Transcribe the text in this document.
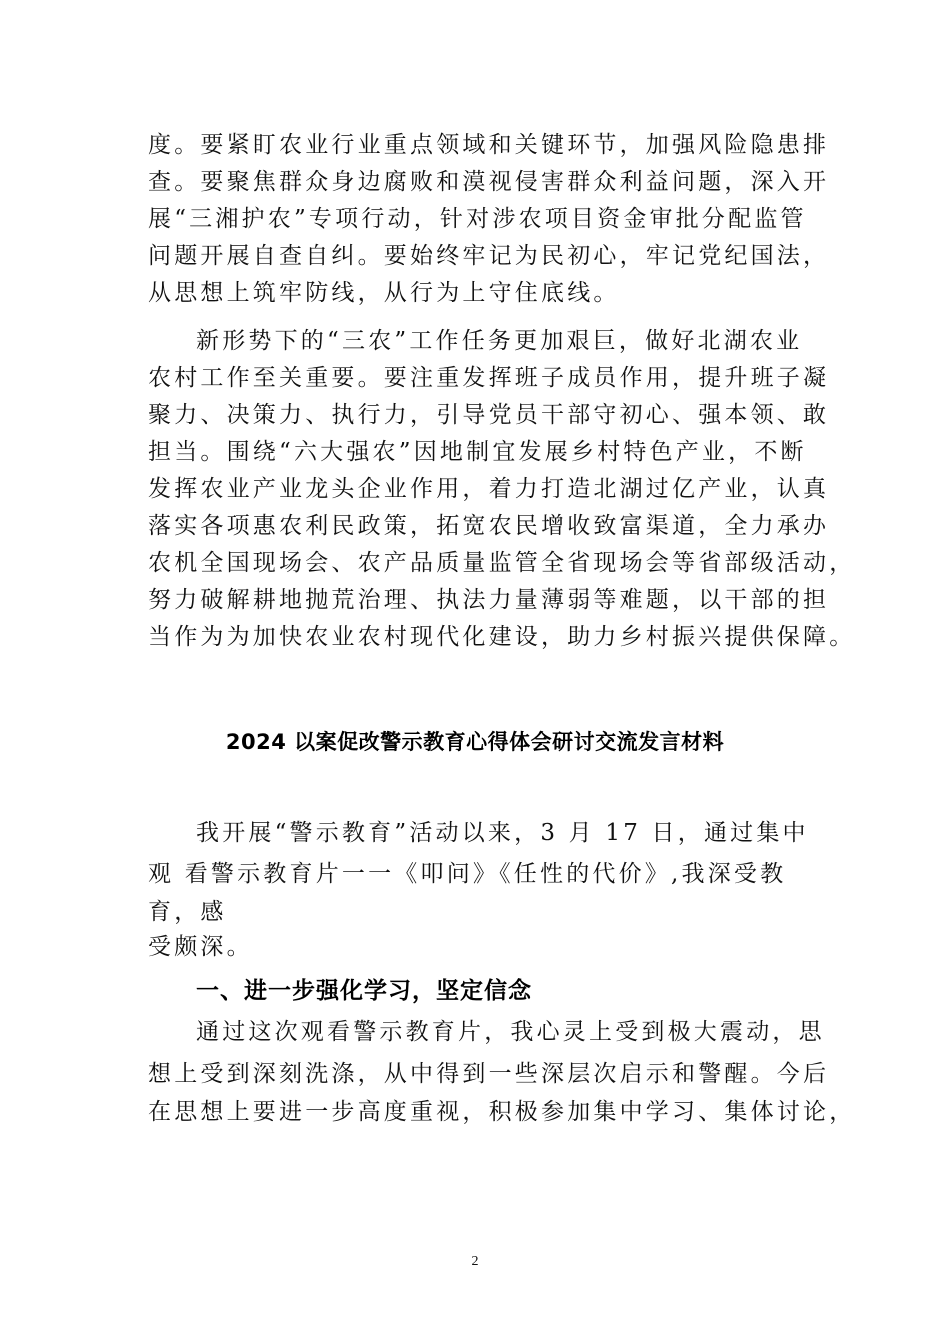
度。要紧盯农业行业重点领域和关键环节，加强风险隐患排
查。要聚焦群众身边腐败和漠视侵害群众利益问题，深入开
展“三湘护农”专项行动，针对涉农项目资金审批分配监管
问题开展自查自纠。要始终牢记为民初心，牢记党纪国法，
从思想上筑牢防线，从行为上守住底线。
新形势下的“三农”工作任务更加艰巨，做好北湖农业
农村工作至关重要。要注重发挥班子成员作用，提升班子凝
聚力、决策力、执行力，引导党员干部守初心、强本领、敢
担当。围绕“六大强农”因地制宜发展乡村特色产业，不断
发挥农业产业龙头企业作用，着力打造北湖过亿产业，认真
落实各项惠农利民政策，拓宽农民增收致富渠道，全力承办
农机全国现场会、农产品质量监管全省现场会等省部级活动，
努力破解耕地抛荒治理、执法力量薄弱等难题，以干部的担
当作为为加快农业农村现代化建设，助力乡村振兴提供保障。
2024 以案促改警示教育心得体会研讨交流发言材料
我开展“警示教育”活动以来，3 月 17 日，通过集中
观 看警示教育片一一《叩问》《任性的代价》,我深受教
育，感
受颇深。
一、进一步强化学习，坚定信念
通过这次观看警示教育片，我心灵上受到极大震动，思
想上受到深刻洗涤，从中得到一些深层次启示和警醒。今后
在思想上要进一步高度重视，积极参加集中学习、集体讨论，
2
